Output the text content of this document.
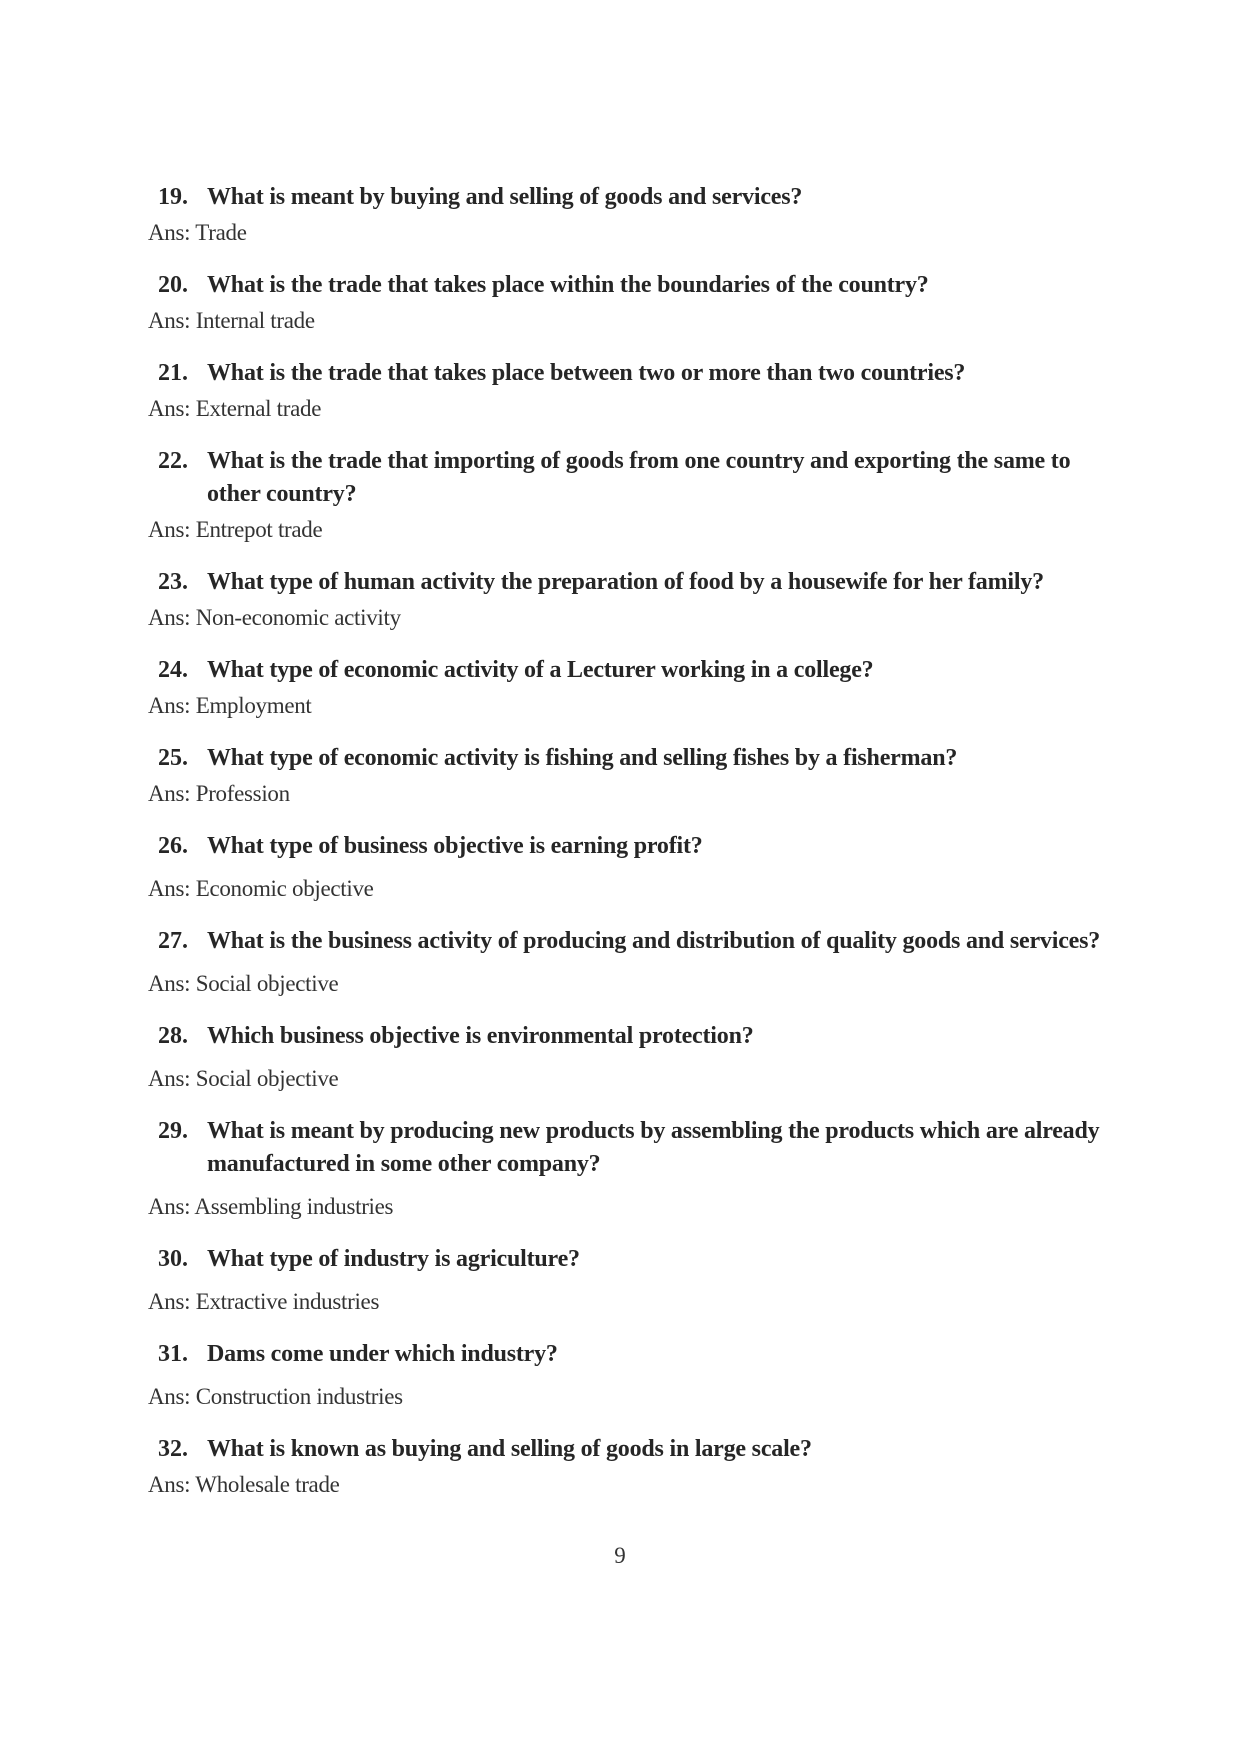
19. What is meant by buying and selling of goods and services?
Ans: Trade
20. What is the trade that takes place within the boundaries of the country?
Ans: Internal trade
21. What is the trade that takes place between two or more than two countries?
Ans: External trade
22. What is the trade that importing of goods from one country and exporting the same to other country?
Ans: Entrepot trade
23. What type of human activity the preparation of food by a housewife for her family?
Ans: Non-economic activity
24. What type of economic activity of a Lecturer working in a college?
Ans: Employment
25. What type of economic activity is fishing and selling fishes by a fisherman?
Ans: Profession
26. What type of business objective is earning profit?
Ans: Economic objective
27. What is the business activity of producing and distribution of quality goods and services?
Ans: Social objective
28. Which business objective is environmental protection?
Ans: Social objective
29. What is meant by producing new products by assembling the products which are already manufactured in some other company?
Ans: Assembling industries
30. What type of industry is agriculture?
Ans: Extractive industries
31. Dams come under which industry?
Ans: Construction industries
32. What is known as buying and selling of goods in large scale?
Ans: Wholesale trade
9
